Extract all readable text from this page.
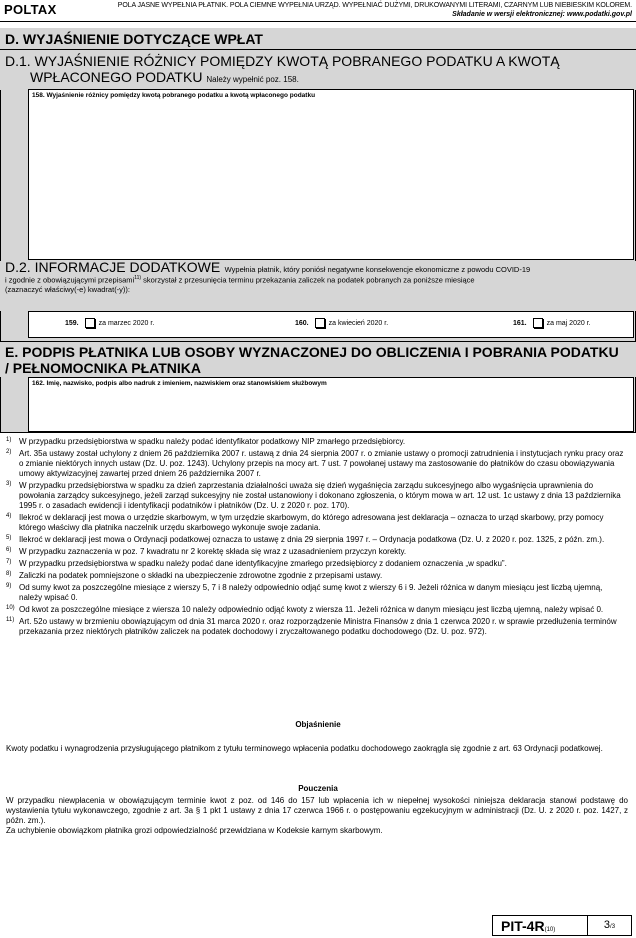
POLTAX	POLA JASNE WYPEŁNIA PŁATNIK. POLA CIEMNE WYPEŁNIA URZĄD. WYPEŁNIAĆ DUŻYMI, DRUKOWANYMI LITERAMI, CZARNYM LUB NIEBIESKIM KOLOREM.
Składanie w wersji elektronicznej: www.podatki.gov.pl
D. WYJAŚNIENIE DOTYCZĄCE WPŁAT
D.1. WYJAŚNIENIE RÓŻNICY POMIĘDZY KWOTĄ POBRANEGO PODATKU A KWOTĄ
WPŁACONEGO PODATKU Należy wypełnić poz. 158.
158. Wyjaśnienie różnicy pomiędzy kwotą pobranego podatku a kwotą wpłaconego podatku
D.2. INFORMACJE DODATKOWE Wypełnia płatnik, który poniósł negatywne konsekwencje ekonomiczne z powodu COVID-19
i zgodnie z obowiązującymi przepisami$^{11)}$ skorzystał z przesunięcia terminu przekazania zaliczek na podatek pobranych za poniższe miesiące
(zaznaczyć właściwy(-e) kwadrat(-y)):
159.	za marzec 2020 r.	160.	za kwiecień 2020 r.	161.	za maj 2020 r.
E. PODPIS PŁATNIKA LUB OSOBY WYZNACZONEJ DO OBLICZENIA I POBRANIA PODATKU
/ PEŁNOMOCNIKA PŁATNIKA
162. Imię, nazwisko, podpis albo nadruk z imieniem, nazwiskiem oraz stanowiskiem służbowym
1) W przypadku przedsiębiorstwa w spadku należy podać identyfikator podatkowy NIP zmarłego przedsiębiorcy.
2) Art. 35a ustawy został uchylony z dniem 26 października 2007 r. ustawą z dnia 24 sierpnia 2007 r. o zmianie ustawy o promocji zatrudnienia i instytucjach rynku pracy oraz o zmianie niektórych innych ustaw (Dz. U. poz. 1243). Uchylony przepis na mocy art. 7 ust. 7 powołanej ustawy ma zastosowanie do płatników do czasu obowiązywania umowy aktywizacyjnej zawartej przed dniem 26 października 2007 r.
3) W przypadku przedsiębiorstwa w spadku za dzień zaprzestania działalności uważa się dzień wygaśnięcia zarządu sukcesyjnego albo wygaśnięcia uprawnienia do powołania zarządcy sukcesyjnego, jeżeli zarząd sukcesyjny nie został ustanowiony i dokonano zgłoszenia, o którym mowa w art. 12 ust. 1c ustawy z dnia 13 października 1995 r. o zasadach ewidencji i identyfikacji podatników i płatników (Dz. U. z 2020 r. poz. 170).
4) Ilekroć w deklaracji jest mowa o urzędzie skarbowym, w tym urzędzie skarbowym, do którego adresowana jest deklaracja – oznacza to urząd skarbowy, przy pomocy którego właściwy dla płatnika naczelnik urzędu skarbowego wykonuje swoje zadania.
5) Ilekroć w deklaracji jest mowa o Ordynacji podatkowej oznacza to ustawę z dnia 29 sierpnia 1997 r. – Ordynacja podatkowa (Dz. U. z 2020 r. poz. 1325, z późn. zm.).
6) W przypadku zaznaczenia w poz. 7 kwadratu nr 2 korektę składa się wraz z uzasadnieniem przyczyn korekty.
7) W przypadku przedsiębiorstwa w spadku należy podać dane identyfikacyjne zmarłego przedsiębiorcy z dodaniem oznaczenia „w spadku”.
8) Zaliczki na podatek pomniejszone o składki na ubezpieczenie zdrowotne zgodnie z przepisami ustawy.
9) Od sumy kwot za poszczególne miesiące z wierszy 5, 7 i 8 należy odpowiednio odjąć sumę kwot z wierszy 6 i 9. Jeżeli różnica w danym miesiącu jest liczbą ujemną, należy wpisać 0.
10) Od kwot za poszczególne miesiące z wiersza 10 należy odpowiednio odjąć kwoty z wiersza 11. Jeżeli różnica w danym miesiącu jest liczbą ujemną, należy wpisać 0.
11) Art. 52o ustawy w brzmieniu obowiązującym od dnia 31 marca 2020 r. oraz rozporządzenie Ministra Finansów z dnia 1 czerwca 2020 r. w sprawie przedłużenia terminów przekazania przez niektórych płatników zaliczek na podatek dochodowy i zryczałtowanego podatku dochodowego (Dz. U. poz. 972).
Objaśnienie
Kwoty podatku i wynagrodzenia przysługującego płatnikom z tytułu terminowego wpłacenia podatku dochodowego zaokrągla się zgodnie z art. 63 Ordynacji podatkowej.
Pouczenia
W przypadku niewpłacenia w obowiązującym terminie kwot z poz. od 146 do 157 lub wpłacenia ich w niepełnej wysokości niniejsza deklaracja stanowi podstawę do wystawienia tytułu wykonawczego, zgodnie z art. 3a § 1 pkt 1 ustawy z dnia 17 czerwca 1966 r. o postępowaniu egzekucyjnym w administracji (Dz. U. z 2020 r. poz. 1427, z późn. zm.).
Za uchybienie obowiązkom płatnika grozi odpowiedzialność przewidziana w Kodeksie karnym skarbowym.
PIT-4R(10)	3/3
